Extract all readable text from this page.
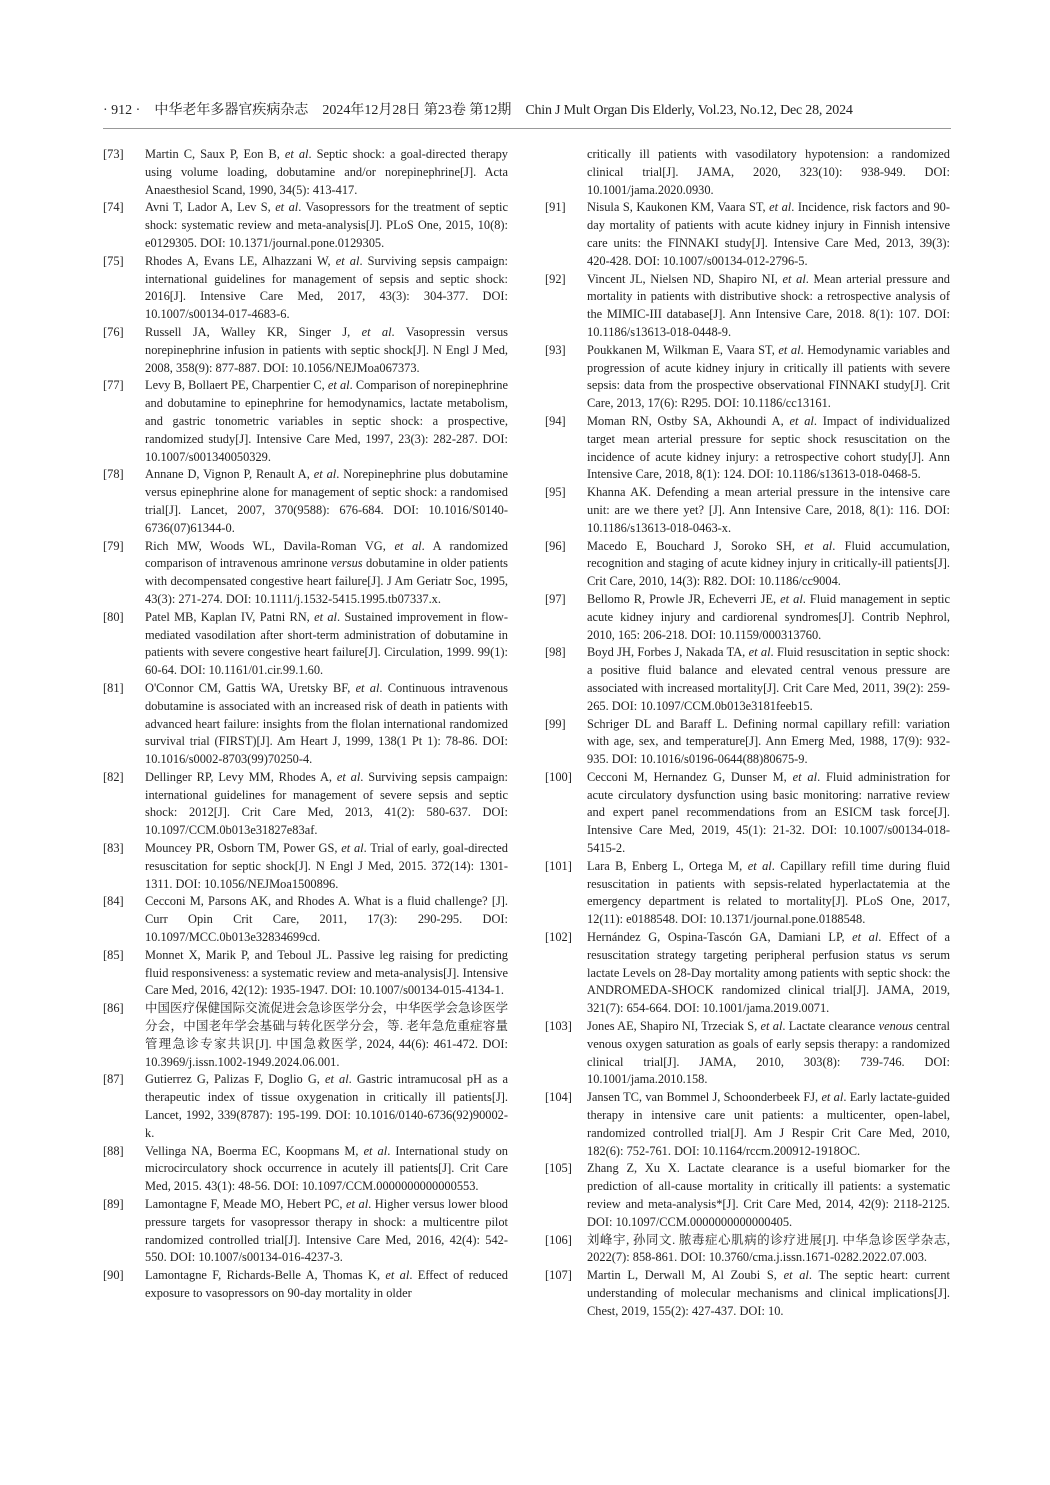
· 912 · 中华老年多器官疾病杂志 2024年12月28日 第23卷 第12期 Chin J Mult Organ Dis Elderly, Vol.23, No.12, Dec 28, 2024
[73]	Martin C, Saux P, Eon B, et al. Septic shock: a goal-directed therapy using volume loading, dobutamine and/or norepinephrine[J]. Acta Anaesthesiol Scand, 1990, 34(5): 413-417.
[74]	Avni T, Lador A, Lev S, et al. Vasopressors for the treatment of septic shock: systematic review and meta-analysis[J]. PLoS One, 2015, 10(8): e0129305. DOI: 10.1371/journal.pone.0129305.
[75]	Rhodes A, Evans LE, Alhazzani W, et al. Surviving sepsis campaign: international guidelines for management of sepsis and septic shock: 2016[J]. Intensive Care Med, 2017, 43(3): 304-377. DOI: 10.1007/s00134-017-4683-6.
[76]	Russell JA, Walley KR, Singer J, et al. Vasopressin versus norepinephrine infusion in patients with septic shock[J]. N Engl J Med, 2008, 358(9): 877-887. DOI: 10.1056/NEJMoa067373.
[77]	Levy B, Bollaert PE, Charpentier C, et al. Comparison of norepinephrine and dobutamine to epinephrine for hemodynamics, lactate metabolism, and gastric tonometric variables in septic shock: a prospective, randomized study[J]. Intensive Care Med, 1997, 23(3): 282-287. DOI: 10.1007/s001340050329.
[78]	Annane D, Vignon P, Renault A, et al. Norepinephrine plus dobutamine versus epinephrine alone for management of septic shock: a randomised trial[J]. Lancet, 2007, 370(9588): 676-684. DOI: 10.1016/S0140-6736(07)61344-0.
[79]	Rich MW, Woods WL, Davila-Roman VG, et al. A randomized comparison of intravenous amrinone versus dobutamine in older patients with decompensated congestive heart failure[J]. J Am Geriatr Soc, 1995, 43(3): 271-274. DOI: 10.1111/j.1532-5415.1995.tb07337.x.
[80]	Patel MB, Kaplan IV, Patni RN, et al. Sustained improvement in flow-mediated vasodilation after short-term administration of dobutamine in patients with severe congestive heart failure[J]. Circulation, 1999. 99(1): 60-64. DOI: 10.1161/01.cir.99.1.60.
[81]	O'Connor CM, Gattis WA, Uretsky BF, et al. Continuous intravenous dobutamine is associated with an increased risk of death in patients with advanced heart failure: insights from the flolan international randomized survival trial (FIRST)[J]. Am Heart J, 1999, 138(1 Pt 1): 78-86. DOI: 10.1016/s0002-8703(99)70250-4.
[82]	Dellinger RP, Levy MM, Rhodes A, et al. Surviving sepsis campaign: international guidelines for management of severe sepsis and septic shock: 2012[J]. Crit Care Med, 2013, 41(2): 580-637. DOI: 10.1097/CCM.0b013e31827e83af.
[83]	Mouncey PR, Osborn TM, Power GS, et al. Trial of early, goal-directed resuscitation for septic shock[J]. N Engl J Med, 2015. 372(14): 1301-1311. DOI: 10.1056/NEJMoa1500896.
[84]	Cecconi M, Parsons AK, and Rhodes A. What is a fluid challenge? [J]. Curr Opin Crit Care, 2011, 17(3): 290-295. DOI: 10.1097/MCC.0b013e32834699cd.
[85]	Monnet X, Marik P, and Teboul JL. Passive leg raising for predicting fluid responsiveness: a systematic review and meta-analysis[J]. Intensive Care Med, 2016, 42(12): 1935-1947. DOI: 10.1007/s00134-015-4134-1.
[86]	中国医疗保健国际交流促进会急诊医学分会，中华医学会急诊医学分会，中国老年学会基础与转化医学分会，等. 老年急危重症容量管理急诊专家共识[J]. 中国急救医学, 2024, 44(6): 461-472. DOI: 10.3969/j.issn.1002-1949.2024.06.001.
[87]	Gutierrez G, Palizas F, Doglio G, et al. Gastric intramucosal pH as a therapeutic index of tissue oxygenation in critically ill patients[J]. Lancet, 1992, 339(8787): 195-199. DOI: 10.1016/0140-6736(92)90002-k.
[88]	Vellinga NA, Boerma EC, Koopmans M, et al. International study on microcirculatory shock occurrence in acutely ill patients[J]. Crit Care Med, 2015. 43(1): 48-56. DOI: 10.1097/CCM.0000000000000553.
[89]	Lamontagne F, Meade MO, Hebert PC, et al. Higher versus lower blood pressure targets for vasopressor therapy in shock: a multicentre pilot randomized controlled trial[J]. Intensive Care Med, 2016, 42(4): 542-550. DOI: 10.1007/s00134-016-4237-3.
[90]	Lamontagne F, Richards-Belle A, Thomas K, et al. Effect of reduced exposure to vasopressors on 90-day mortality in older
critically ill patients with vasodilatory hypotension: a randomized clinical trial[J]. JAMA, 2020, 323(10): 938-949. DOI: 10.1001/jama.2020.0930.
[91]	Nisula S, Kaukonen KM, Vaara ST, et al. Incidence, risk factors and 90-day mortality of patients with acute kidney injury in Finnish intensive care units: the FINNAKI study[J]. Intensive Care Med, 2013, 39(3): 420-428. DOI: 10.1007/s00134-012-2796-5.
[92]	Vincent JL, Nielsen ND, Shapiro NI, et al. Mean arterial pressure and mortality in patients with distributive shock: a retrospective analysis of the MIMIC-III database[J]. Ann Intensive Care, 2018. 8(1): 107. DOI: 10.1186/s13613-018-0448-9.
[93]	Poukkanen M, Wilkman E, Vaara ST, et al. Hemodynamic variables and progression of acute kidney injury in critically ill patients with severe sepsis: data from the prospective observational FINNAKI study[J]. Crit Care, 2013, 17(6): R295. DOI: 10.1186/cc13161.
[94]	Moman RN, Ostby SA, Akhoundi A, et al. Impact of individualized target mean arterial pressure for septic shock resuscitation on the incidence of acute kidney injury: a retrospective cohort study[J]. Ann Intensive Care, 2018, 8(1): 124. DOI: 10.1186/s13613-018-0468-5.
[95]	Khanna AK. Defending a mean arterial pressure in the intensive care unit: are we there yet? [J]. Ann Intensive Care, 2018, 8(1): 116. DOI: 10.1186/s13613-018-0463-x.
[96]	Macedo E, Bouchard J, Soroko SH, et al. Fluid accumulation, recognition and staging of acute kidney injury in critically-ill patients[J]. Crit Care, 2010, 14(3): R82. DOI: 10.1186/cc9004.
[97]	Bellomo R, Prowle JR, Echeverri JE, et al. Fluid management in septic acute kidney injury and cardiorenal syndromes[J]. Contrib Nephrol, 2010, 165: 206-218. DOI: 10.1159/000313760.
[98]	Boyd JH, Forbes J, Nakada TA, et al. Fluid resuscitation in septic shock: a positive fluid balance and elevated central venous pressure are associated with increased mortality[J]. Crit Care Med, 2011, 39(2): 259-265. DOI: 10.1097/CCM.0b013e3181feeb15.
[99]	Schriger DL and Baraff L. Defining normal capillary refill: variation with age, sex, and temperature[J]. Ann Emerg Med, 1988, 17(9): 932-935. DOI: 10.1016/s0196-0644(88)80675-9.
[100]	Cecconi M, Hernandez G, Dunser M, et al. Fluid administration for acute circulatory dysfunction using basic monitoring: narrative review and expert panel recommendations from an ESICM task force[J]. Intensive Care Med, 2019, 45(1): 21-32. DOI: 10.1007/s00134-018-5415-2.
[101]	Lara B, Enberg L, Ortega M, et al. Capillary refill time during fluid resuscitation in patients with sepsis-related hyperlactatemia at the emergency department is related to mortality[J]. PLoS One, 2017, 12(11): e0188548. DOI: 10.1371/journal.pone.0188548.
[102]	Hernández G, Ospina-Tascón GA, Damiani LP, et al. Effect of a resuscitation strategy targeting peripheral perfusion status vs serum lactate Levels on 28-Day mortality among patients with septic shock: the ANDROMEDA-SHOCK randomized clinical trial[J]. JAMA, 2019, 321(7): 654-664. DOI: 10.1001/jama.2019.0071.
[103]	Jones AE, Shapiro NI, Trzeciak S, et al. Lactate clearance venous central venous oxygen saturation as goals of early sepsis therapy: a randomized clinical trial[J]. JAMA, 2010, 303(8): 739-746. DOI: 10.1001/jama.2010.158.
[104]	Jansen TC, van Bommel J, Schoonderbeek FJ, et al. Early lactate-guided therapy in intensive care unit patients: a multicenter, open-label, randomized controlled trial[J]. Am J Respir Crit Care Med, 2010, 182(6): 752-761. DOI: 10.1164/rccm.200912-1918OC.
[105]	Zhang Z, Xu X. Lactate clearance is a useful biomarker for the prediction of all-cause mortality in critically ill patients: a systematic review and meta-analysis*[J]. Crit Care Med, 2014, 42(9): 2118-2125. DOI: 10.1097/CCM.0000000000000405.
[106]	刘峰宇, 孙同文. 脓毒症心肌病的诊疗进展[J]. 中华急诊医学杂志, 2022(7): 858-861. DOI: 10.3760/cma.j.issn.1671-0282.2022.07.003.
[107]	Martin L, Derwall M, Al Zoubi S, et al. The septic heart: current understanding of molecular mechanisms and clinical implications[J]. Chest, 2019, 155(2): 427-437. DOI: 10.
